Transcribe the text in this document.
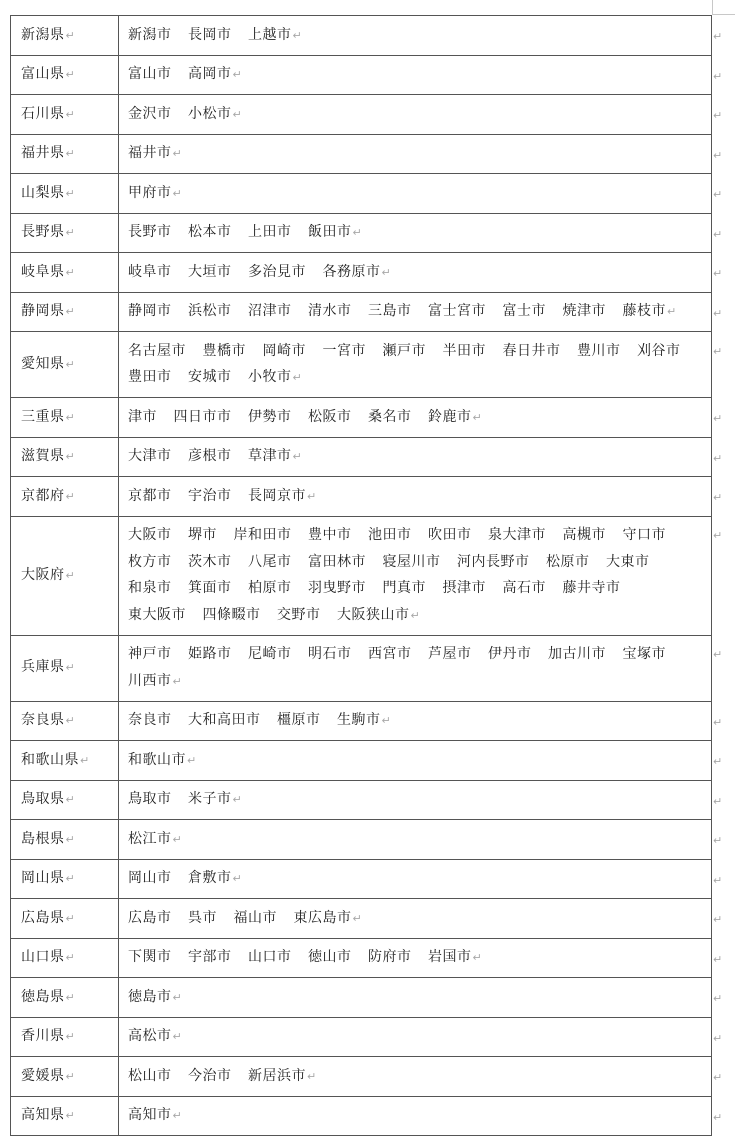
新潟県↵	新潟市 長岡市 上越市↵
富山県↵	富山市 高岡市↵
石川県↵	金沢市 小松市↵
福井県↵	福井市↵
山梨県↵	甲府市↵
長野県↵	長野市 松本市 上田市 飯田市↵
岐阜県↵	岐阜市 大垣市 多治見市 各務原市↵
静岡県↵	静岡市 浜松市 沼津市 清水市 三島市 富士宮市 富士市 焼津市 藤枝市↵
愛知県↵	名古屋市 豊橋市 岡崎市 一宮市 瀬戸市 半田市 春日井市 豊川市 刈谷市豊田市 安城市 小牧市↵
三重県↵	津市 四日市市 伊勢市 松阪市 桑名市 鈴鹿市↵
滋賀県↵	大津市 彦根市 草津市↵
京都府↵	京都市 宇治市 長岡京市↵
大阪府↵	大阪市 堺市 岸和田市 豊中市 池田市 吹田市 泉大津市 高槻市 守口市枚方市 茨木市 八尾市 富田林市 寝屋川市 河内長野市 松原市 大東市和泉市 箕面市 柏原市 羽曳野市 門真市 摂津市 高石市 藤井寺市東大阪市 四條畷市 交野市 大阪狭山市↵
兵庫県↵	神戸市 姫路市 尼崎市 明石市 西宮市 芦屋市 伊丹市 加古川市 宝塚市川西市↵
奈良県↵	奈良市 大和高田市 橿原市 生駒市↵
和歌山県↵	和歌山市↵
鳥取県↵	鳥取市 米子市↵
島根県↵	松江市↵
岡山県↵	岡山市 倉敷市↵
広島県↵	広島市 呉市 福山市 東広島市↵
山口県↵	下関市 宇部市 山口市 徳山市 防府市 岩国市↵
徳島県↵	徳島市↵
香川県↵	高松市↵
愛媛県↵	松山市 今治市 新居浜市↵
高知県↵	高知市↵
↵
↵
↵
↵
↵
↵
↵
↵
↵
↵
↵
↵
↵
↵
↵
↵
↵
↵
↵
↵
↵
↵
↵
↵
↵
